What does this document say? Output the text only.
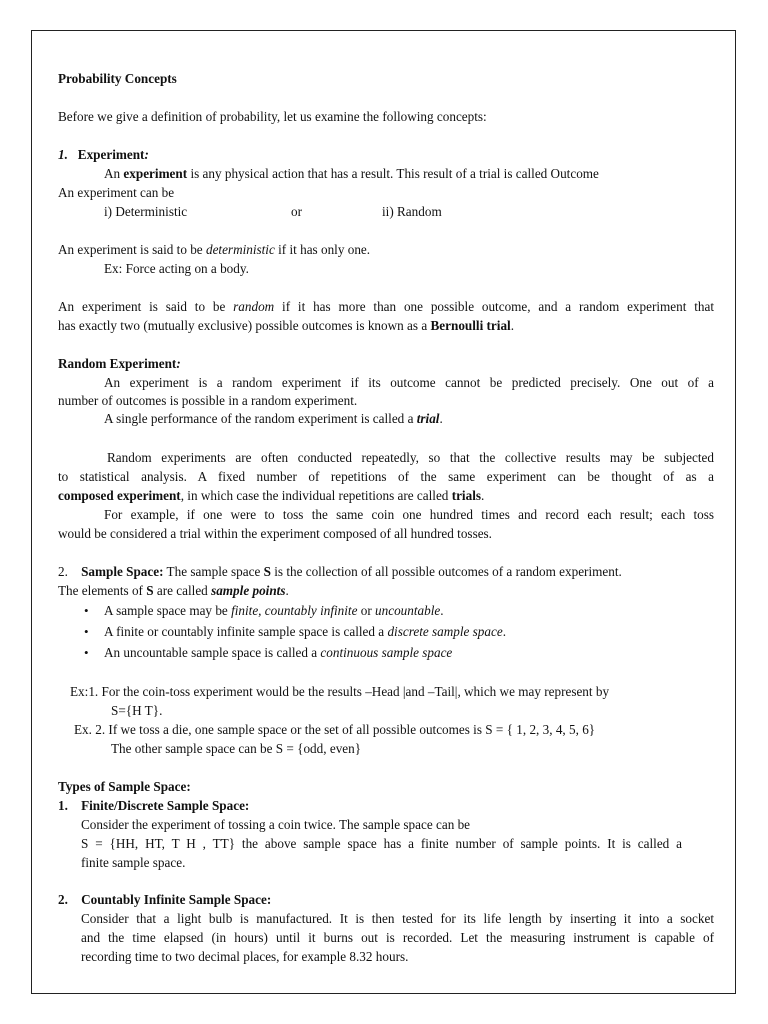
Probability Concepts
Before we give a definition of probability, let us examine the following concepts:
1. Experiment:
An experiment is any physical action that has a result. This result of a trial is called Outcome
An experiment can be
i) Deterministic	or	ii) Random
An experiment is said to be deterministic if it has only one.
Ex: Force acting on a body.
An experiment is said to be random if it has more than one possible outcome, and a random experiment that
has exactly two (mutually exclusive) possible outcomes is known as a Bernoulli trial.
Random Experiment:
An experiment is a random experiment if its outcome cannot be predicted precisely. One out of a
number of outcomes is possible in a random experiment.
A single performance of the random experiment is called a trial.
Random experiments are often conducted repeatedly, so that the collective results may be subjected
to statistical analysis. A fixed number of repetitions of the same experiment can be thought of as a
composed experiment, in which case the individual repetitions are called trials.
For example, if one were to toss the same coin one hundred times and record each result; each toss
would be considered a trial within the experiment composed of all hundred tosses.
2. Sample Space: The sample space S is the collection of all possible outcomes of a random experiment.
The elements of S are called sample points.
• A sample space may be finite, countably infinite or uncountable.
• A finite or countably infinite sample space is called a discrete sample space.
• An uncountable sample space is called a continuous sample space
Ex:1. For the coin-toss experiment would be the results –Head |and –Tail|, which we may represent by
S={H T}.
Ex. 2. If we toss a die, one sample space or the set of all possible outcomes is S = { 1, 2, 3, 4, 5, 6}
The other sample space can be S = {odd, even}
Types of Sample Space:
1. Finite/Discrete Sample Space:
Consider the experiment of tossing a coin twice. The sample space can be
S = {HH, HT, T H , TT} the above sample space has a finite number of sample points. It is called a
finite sample space.
2. Countably Infinite Sample Space:
Consider that a light bulb is manufactured. It is then tested for its life length by inserting it into a socket
and the time elapsed (in hours) until it burns out is recorded. Let the measuring instrument is capable of
recording time to two decimal places, for example 8.32 hours.
